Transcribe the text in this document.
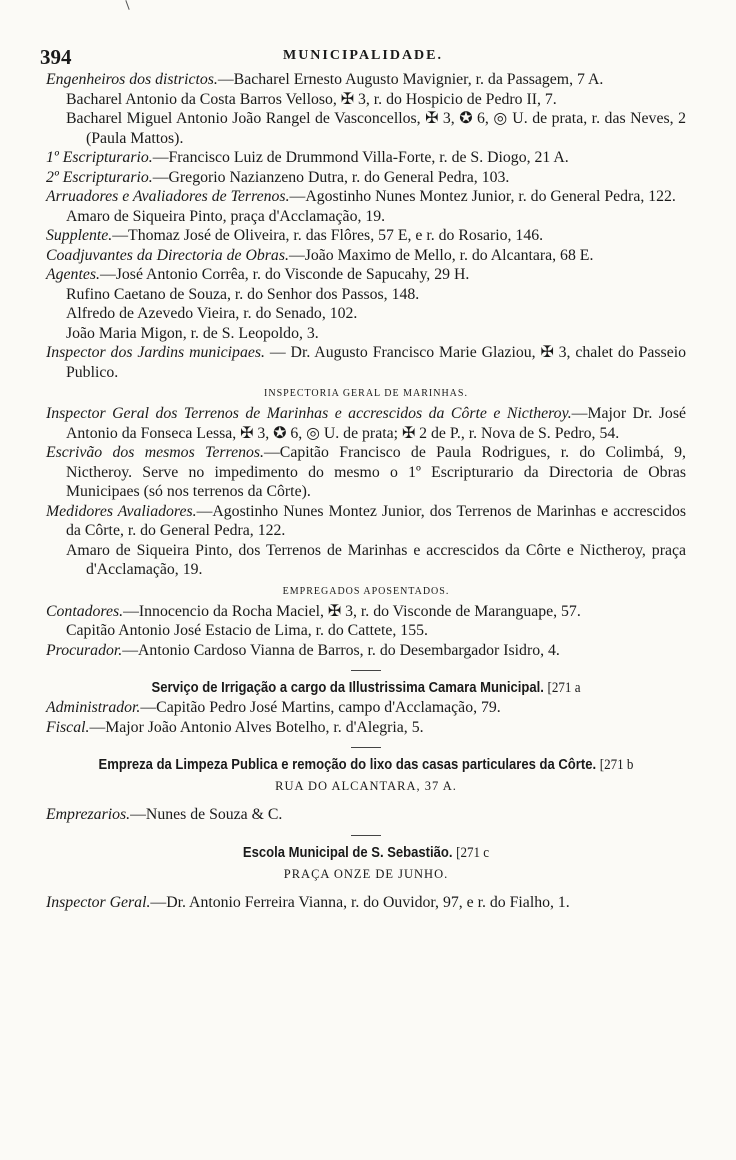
394	MUNICIPALIDADE.

Engenheiros dos districtos.—Bacharel Ernesto Augusto Mavignier, r. da Passagem, 7 A.

Bacharel Antonio da Costa Barros Velloso, ✠ 3, r. do Hospicio de Pedro II, 7.

Bacharel Miguel Antonio João Rangel de Vasconcellos, ✠ 3, ✪ 6, ◎ U. de prata, r. das Neves, 2 (Paula Mattos).

1º Escripturario.—Francisco Luiz de Drummond Villa-Forte, r. de S. Diogo, 21 A.

2º Escripturario.—Gregorio Nazianzeno Dutra, r. do General Pedra, 103.

Arruadores e Avaliadores de Terrenos.—Agostinho Nunes Montez Junior, r. do General Pedra, 122.

Amaro de Siqueira Pinto, praça d'Acclamação, 19.

Supplente.—Thomaz José de Oliveira, r. das Flôres, 57 E, e r. do Rosario, 146.

Coadjuvantes da Directoria de Obras.—João Maximo de Mello, r. do Alcantara, 68 E.

Agentes.—José Antonio Corrêa, r. do Visconde de Sapucahy, 29 H.

Rufino Caetano de Souza, r. do Senhor dos Passos, 148.

Alfredo de Azevedo Vieira, r. do Senado, 102.

João Maria Migon, r. de S. Leopoldo, 3.

Inspector dos Jardins municipaes. — Dr. Augusto Francisco Marie Glaziou, ✠ 3, chalet do Passeio Publico.

INSPECTORIA GERAL DE MARINHAS.

Inspector Geral dos Terrenos de Marinhas e accrescidos da Côrte e Nictheroy.—Major Dr. José Antonio da Fonseca Lessa, ✠ 3, ✪ 6, ◎ U. de prata; ✠ 2 de P., r. Nova de S. Pedro, 54.

Escrivão dos mesmos Terrenos.—Capitão Francisco de Paula Rodrigues, r. do Colimbá, 9, Nictheroy. Serve no impedimento do mesmo o 1º Escripturario da Directoria de Obras Municipaes (só nos terrenos da Côrte).

Medidores Avaliadores.—Agostinho Nunes Montez Junior, dos Terrenos de Marinhas e accrescidos da Côrte, r. do General Pedra, 122.

Amaro de Siqueira Pinto, dos Terrenos de Marinhas e accrescidos da Côrte e Nictheroy, praça d'Acclamação, 19.

EMPREGADOS APOSENTADOS.

Contadores.—Innocencio da Rocha Maciel, ✠ 3, r. do Visconde de Maranguape, 57.

Capitão Antonio José Estacio de Lima, r. do Cattete, 155.

Procurador.—Antonio Cardoso Vianna de Barros, r. do Desembargador Isidro, 4.

Serviço de Irrigação a cargo da Illustrissima Camara Municipal. [271 a

Administrador.—Capitão Pedro José Martins, campo d'Acclamação, 79.

Fiscal.—Major João Antonio Alves Botelho, r. d'Alegria, 5.

Empreza da Limpeza Publica e remoção do lixo das casas particulares da Côrte. [271 b

RUA DO ALCANTARA, 37 A.

Emprezarios.—Nunes de Souza & C.

Escola Municipal de S. Sebastião. [271 c

PRAÇA ONZE DE JUNHO.

Inspector Geral.—Dr. Antonio Ferreira Vianna, r. do Ouvidor, 97, e r. do Fialho, 1.
